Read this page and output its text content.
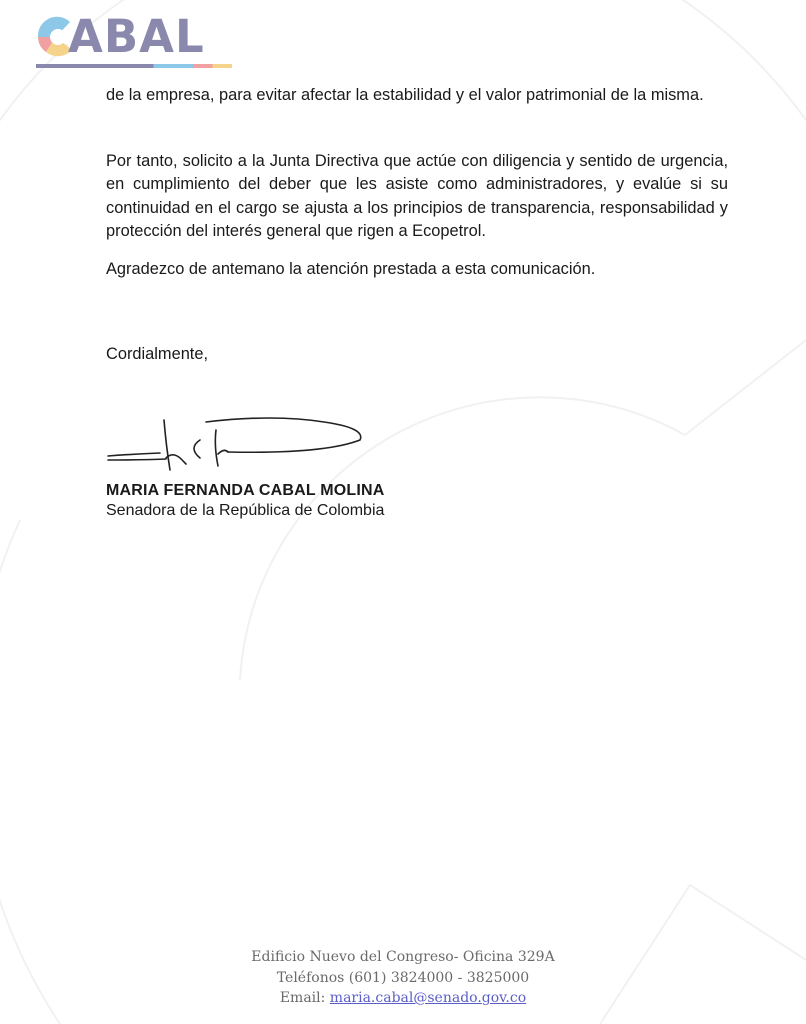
ABAL

de la empresa, para evitar afectar la estabilidad y el valor patrimonial de la misma.

Por tanto, solicito a la Junta Directiva que actúe con diligencia y sentido de urgencia, en cumplimiento del deber que les asiste como administradores, y evalúe si su continuidad en el cargo se ajusta a los principios de transparencia, responsabilidad y protección del interés general que rigen a Ecopetrol.

Agradezco de antemano la atención prestada a esta comunicación.

Cordialmente,
MARIA FERNANDA CABAL MOLINA
Senadora de la República de Colombia
Edificio Nuevo del Congreso- Oficina 329A
Teléfonos (601) 3824000 - 3825000
Email: maria.cabal@senado.gov.co
